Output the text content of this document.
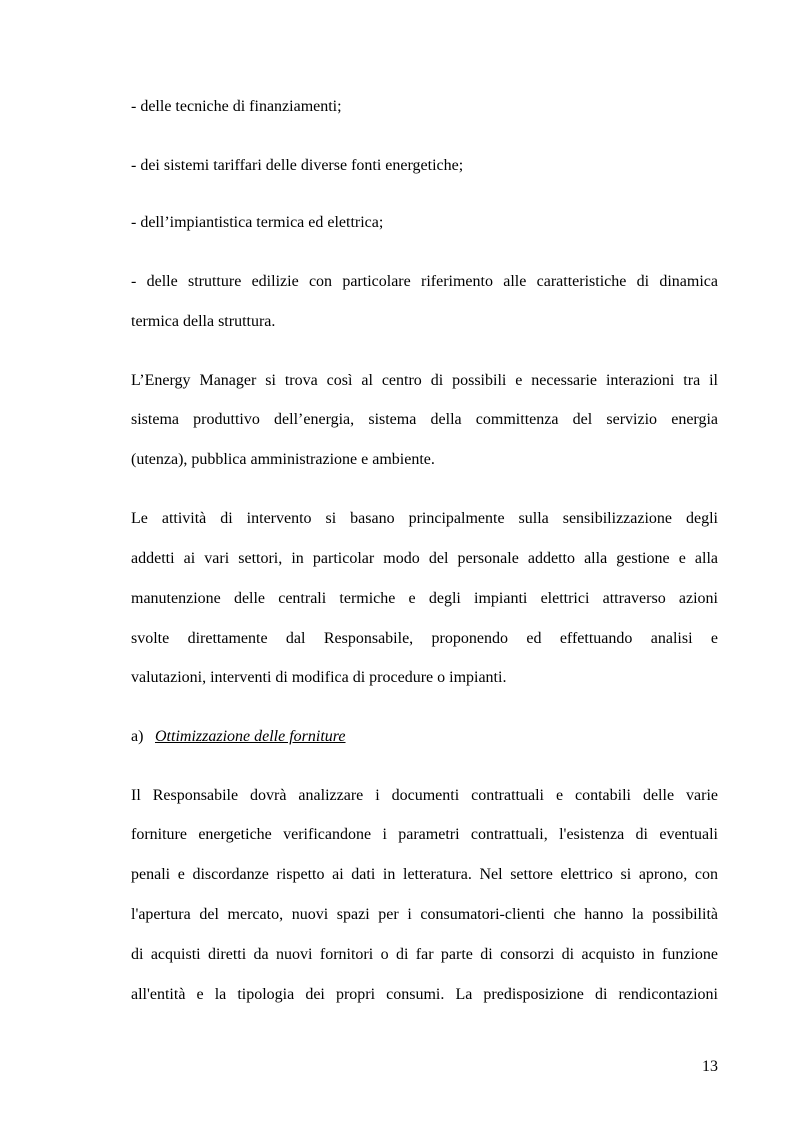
- delle tecniche di finanziamenti;
- dei sistemi tariffari delle diverse fonti energetiche;
- dell’impiantistica termica ed elettrica;
- delle strutture edilizie con particolare riferimento alle caratteristiche di dinamica
termica della struttura.
L’Energy Manager si trova così al centro di possibili e necessarie interazioni tra il
sistema produttivo dell’energia, sistema della committenza del servizio energia
(utenza), pubblica amministrazione e ambiente.
Le attività di intervento si basano principalmente sulla sensibilizzazione degli
addetti ai vari settori, in particolar modo del personale addetto alla gestione e alla
manutenzione delle centrali termiche e degli impianti elettrici attraverso azioni
svolte direttamente dal Responsabile, proponendo ed effettuando analisi e
valutazioni, interventi di modifica di procedure o impianti.
a) Ottimizzazione delle forniture
Il Responsabile dovrà analizzare i documenti contrattuali e contabili delle varie
forniture energetiche verificandone i parametri contrattuali, l'esistenza di eventuali
penali e discordanze rispetto ai dati in letteratura. Nel settore elettrico si aprono, con
l'apertura del mercato, nuovi spazi per i consumatori-clienti che hanno la possibilità
di acquisti diretti da nuovi fornitori o di far parte di consorzi di acquisto in funzione
all'entità e la tipologia dei propri consumi. La predisposizione di rendicontazioni
13
